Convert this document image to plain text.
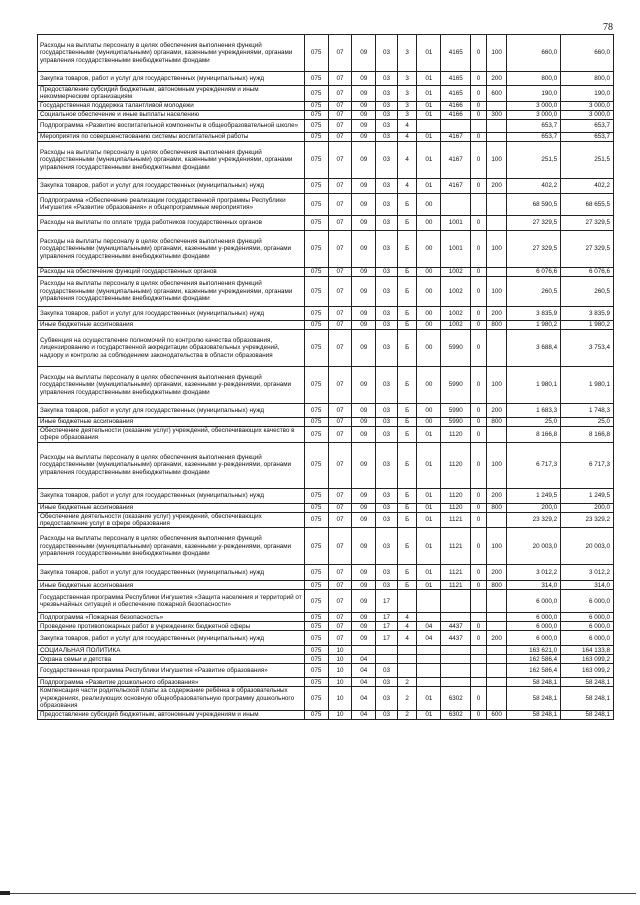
78
Расходы на выплаты персоналу в целях обеспечения выполнения функций государственными (муниципальными) органами, казенными учреждениями, органами управления государственными внебюджетными фондами	075	07	09	03	3	01	4165	0	100	660,0	660,0
Закупка товаров, работ и услуг для государственных (муниципальных) нужд	075	07	09	03	3	01	4165	0	200	800,0	800,0
Предоставление субсидий бюджетным, автономным учреждениям и иным некоммерческим организациям	075	07	09	03	3	01	4165	0	600	190,0	190,0
Государственная поддержка талантливой молодежи	075	07	09	03	3	01	4166	0		3 000,0	3 000,0
Социальное обеспечение и иные выплаты населению	075	07	09	03	3	01	4166	0	300	3 000,0	3 000,0
Подпрограмма «Развитие воспитательной компоненты в общеобразовательной школе»	075	07	09	03	4					653,7	653,7
Мероприятия по совершенствованию системы воспитательной работы	075	07	09	03	4	01	4167	0		653,7	653,7
Расходы на выплаты персоналу в целях обеспечения выполнения функций государственными (муниципальными) органами, казенными учреждениями, органами управления государственными внебюджетными фондами	075	07	09	03	4	01	4167	0	100	251,5	251,5
Закупка товаров, работ и услуг для государственных (муниципальных) нужд	075	07	09	03	4	01	4167	0	200	402,2	402,2
Подпрограмма «Обеспечение реализации государственной программы Республики Ингушетия «Развитие образования» и общепрограммные мероприятия»	075	07	09	03	Б	00				68 590,5	68 655,5
Расходы на выплаты по оплате труда работников государственных органов	075	07	09	03	Б	00	1001	0		27 329,5	27 329,5
Расходы на выплаты персоналу в целях обеспечения выполнения функций государственными (муниципальными) органами, казенными у-реждениями, органами управления государственными внебюджетными фондами	075	07	09	03	Б	00	1001	0	100	27 329,5	27 329,5
Расходы на обеспечение функций государственных органов	075	07	09	03	Б	00	1002	0		6 076,6	6 076,6
Расходы на выплаты персоналу в целях обеспечения выполнения функций государственными (муниципальными) органами, казенными учреждениями, органами управления государственными внебюджетными фондами	075	07	09	03	Б	00	1002	0	100	260,5	260,5
Закупка товаров, работ и услуг для государственных (муниципальных) нужд	075	07	09	03	Б	00	1002	0	200	3 835,9	3 835,9
Иные бюджетные ассигнования	075	07	09	03	Б	00	1002	0	800	1 980,2	1 980,2
Субвенция на осуществление полномочий по контролю качества образования, лицензированию и государственной аккредитации образовательных учреждений, надзору и контролю за соблюдением законодательства в области образования	075	07	09	03	Б	00	5990	0		3 688,4	3 753,4
Расходы на выплаты персоналу в целях обеспечения выполнения функций государственными (муниципальными) органами, казенными у-реждениями, органами управления государственными внебюджетными фондами	075	07	09	03	Б	00	5990	0	100	1 980,1	1 980,1
Закупка товаров, работ и услуг для государственных (муниципальных) нужд	075	07	09	03	Б	00	5990	0	200	1 683,3	1 748,3
Иные бюджетные ассигнования	075	07	09	03	Б	00	5990	0	800	25,0	25,0
Обеспечение деятельности (оказание услуг) учреждений, обеспечивающих качество в сфере образования	075	07	09	03	Б	01	1120	0		8 166,8	8 166,8
Расходы на выплаты персоналу в целях обеспечения выполнения функций государственными (муниципальными) органами, казенными у-реждениями, органами управления государственными внебюджетными фондами	075	07	09	03	Б	01	1120	0	100	6 717,3	6 717,3
Закупка товаров, работ и услуг для государственных (муниципальных) нужд	075	07	09	03	Б	01	1120	0	200	1 249,5	1 249,5
Иные бюджетные ассигнования	075	07	09	03	Б	01	1120	0	800	200,0	200,0
Обеспечение деятельности (оказание услуг) учреждений, обеспечивающих предоставление услуг в сфере образования	075	07	09	03	Б	01	1121	0		23 329,2	23 329,2
Расходы на выплаты персоналу в целях обеспечения выполнения функций государственными (муниципальными) органами, казенными у-реждениями, органами управления государственными внебюджетными фондами	075	07	09	03	Б	01	1121	0	100	20 003,0	20 003,0
Закупка товаров, работ и услуг для государственных (муниципальных) нужд	075	07	09	03	Б	01	1121	0	200	3 012,2	3 012,2
Иные бюджетные ассигнования	075	07	09	03	Б	01	1121	0	800	314,0	314,0
Государственная программа Республики Ингушетия «Защита населения и территорий от чрезвычайных ситуаций и обеспечение пожарной безопасности»	075	07	09	17						6 000,0	6 000,0
Подпрограмма «Пожарная безопасность»	075	07	09	17	4					6 000,0	6 000,0
Проведение противопожарных работ в учреждениях бюджетной сферы	075	07	09	17	4	04	4437	0		6 000,0	6 000,0
Закупка товаров, работ и услуг для государственных (муниципальных) нужд	075	07	09	17	4	04	4437	0	200	6 000,0	6 000,0
СОЦИАЛЬНАЯ ПОЛИТИКА	075	10								163 621,0	164 133,8
Охрана семьи и детства	075	10	04							162 586,4	163 099,2
Государственная программа Республики Ингушетия «Развитие образования»	075	10	04	03						162 586,4	163 099,2
Подпрограмма «Развитие дошкольного образования»	075	10	04	03	2					58 248,1	58 248,1
Компенсация части родительской платы за содержание ребёнка в образовательных учреждениях, реализующих основную общеобразовательную программу дошкольного образования	075	10	04	03	2	01	6302	0		58 248,1	58 248,1
Предоставление субсидий бюджетным, автономным учреждениям и иным	075	10	04	03	2	01	6302	0	600	58 248,1	58 248,1
